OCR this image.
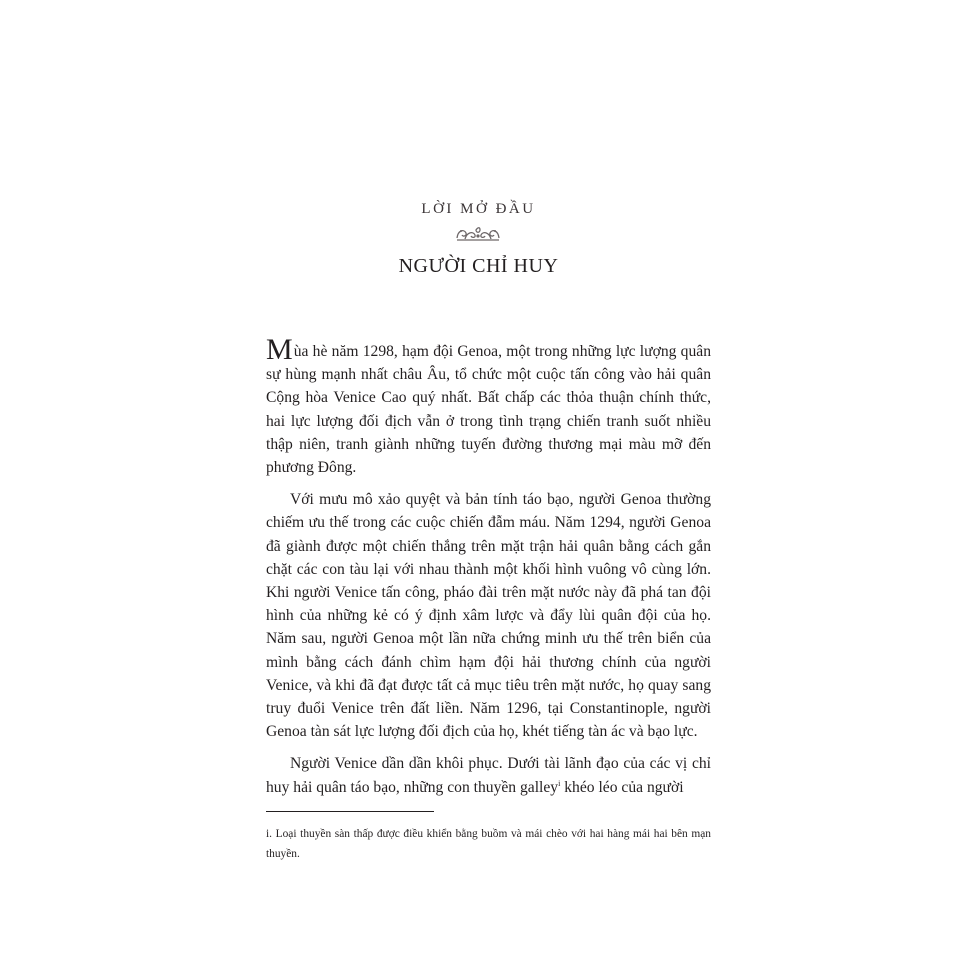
LỜI MỞ ĐẦU
NGƯỜI CHỈ HUY

Mùa hè năm 1298, hạm đội Genoa, một trong những lực lượng quân sự hùng mạnh nhất châu Âu, tổ chức một cuộc tấn công vào hải quân Cộng hòa Venice Cao quý nhất. Bất chấp các thỏa thuận chính thức, hai lực lượng đối địch vẫn ở trong tình trạng chiến tranh suốt nhiều thập niên, tranh giành những tuyến đường thương mại màu mỡ đến phương Đông.

Với mưu mô xảo quyệt và bản tính táo bạo, người Genoa thường chiếm ưu thế trong các cuộc chiến đẫm máu. Năm 1294, người Genoa đã giành được một chiến thắng trên mặt trận hải quân bằng cách gắn chặt các con tàu lại với nhau thành một khối hình vuông vô cùng lớn. Khi người Venice tấn công, pháo đài trên mặt nước này đã phá tan đội hình của những kẻ có ý định xâm lược và đẩy lùi quân đội của họ. Năm sau, người Genoa một lần nữa chứng minh ưu thế trên biển của mình bằng cách đánh chìm hạm đội hải thương chính của người Venice, và khi đã đạt được tất cả mục tiêu trên mặt nước, họ quay sang truy đuổi Venice trên đất liền. Năm 1296, tại Constantinople, người Genoa tàn sát lực lượng đối địch của họ, khét tiếng tàn ác và bạo lực.

Người Venice dần dần khôi phục. Dưới tài lãnh đạo của các vị chỉ huy hải quân táo bạo, những con thuyền galley$^i$ khéo léo của người

i. Loại thuyền sàn thấp được điều khiển bằng buồm và mái chèo với hai hàng mái hai bên mạn thuyền.
